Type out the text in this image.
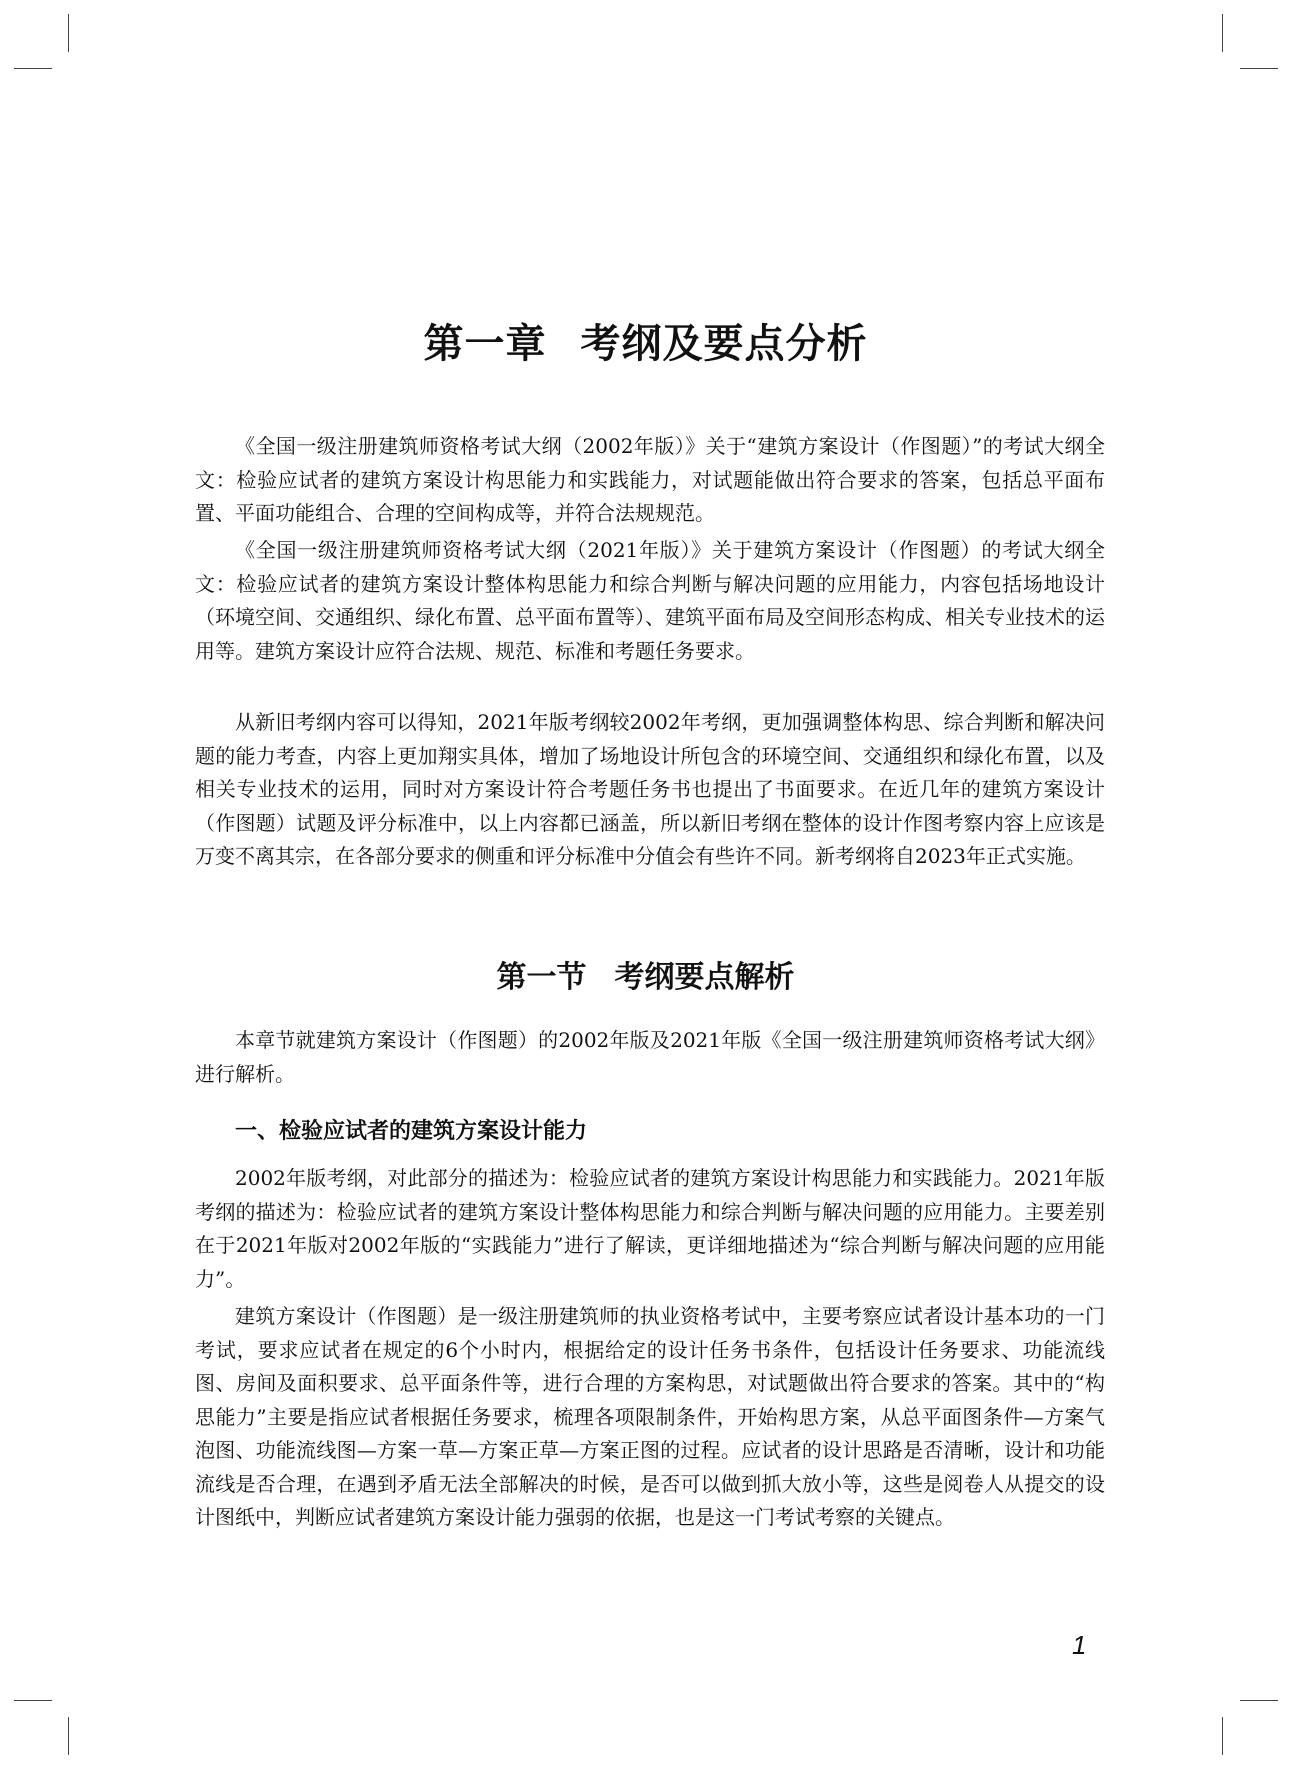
第一章 考纲及要点分析

《全国一级注册建筑师资格考试大纲（2002年版）》关于“建筑方案设计（作图题）”的考试大纲全文：检验应试者的建筑方案设计构思能力和实践能力，对试题能做出符合要求的答案，包括总平面布置、平面功能组合、合理的空间构成等，并符合法规规范。

《全国一级注册建筑师资格考试大纲（2021年版）》关于建筑方案设计（作图题）的考试大纲全文：检验应试者的建筑方案设计整体构思能力和综合判断与解决问题的应用能力，内容包括场地设计（环境空间、交通组织、绿化布置、总平面布置等）、建筑平面布局及空间形态构成、相关专业技术的运用等。建筑方案设计应符合法规、规范、标准和考题任务要求。

从新旧考纲内容可以得知，2021年版考纲较2002年考纲，更加强调整体构思、综合判断和解决问题的能力考查，内容上更加翔实具体，增加了场地设计所包含的环境空间、交通组织和绿化布置，以及相关专业技术的运用，同时对方案设计符合考题任务书也提出了书面要求。在近几年的建筑方案设计（作图题）试题及评分标准中，以上内容都已涵盖，所以新旧考纲在整体的设计作图考察内容上应该是万变不离其宗，在各部分要求的侧重和评分标准中分值会有些许不同。新考纲将自2023年正式实施。

第一节 考纲要点解析

本章节就建筑方案设计（作图题）的2002年版及2021年版《全国一级注册建筑师资格考试大纲》进行解析。

一、检验应试者的建筑方案设计能力

2002年版考纲，对此部分的描述为：检验应试者的建筑方案设计构思能力和实践能力。2021年版考纲的描述为：检验应试者的建筑方案设计整体构思能力和综合判断与解决问题的应用能力。主要差别在于2021年版对2002年版的“实践能力”进行了解读，更详细地描述为“综合判断与解决问题的应用能力”。

建筑方案设计（作图题）是一级注册建筑师的执业资格考试中，主要考察应试者设计基本功的一门考试，要求应试者在规定的6个小时内，根据给定的设计任务书条件，包括设计任务要求、功能流线图、房间及面积要求、总平面条件等，进行合理的方案构思，对试题做出符合要求的答案。其中的“构思能力”主要是指应试者根据任务要求，梳理各项限制条件，开始构思方案，从总平面图条件—方案气泡图、功能流线图—方案一草—方案正草—方案正图的过程。应试者的设计思路是否清晰，设计和功能流线是否合理，在遇到矛盾无法全部解决的时候，是否可以做到抓大放小等，这些是阅卷人从提交的设计图纸中，判断应试者建筑方案设计能力强弱的依据，也是这一门考试考察的关键点。

1
